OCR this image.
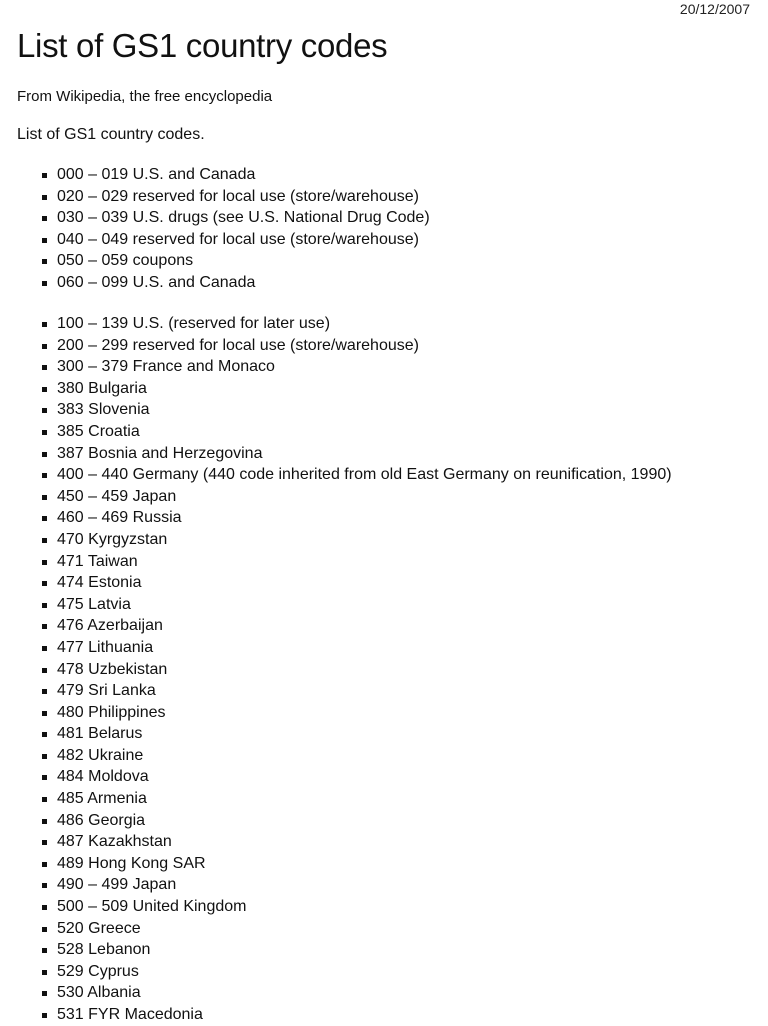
20/12/2007

List of GS1 country codes

From Wikipedia, the free encyclopedia

List of GS1 country codes.

000 – 019 U.S. and Canada
020 – 029 reserved for local use (store/warehouse)
030 – 039 U.S. drugs (see U.S. National Drug Code)
040 – 049 reserved for local use (store/warehouse)
050 – 059 coupons
060 – 099 U.S. and Canada
100 – 139 U.S. (reserved for later use)
200 – 299 reserved for local use (store/warehouse)
300 – 379 France and Monaco
380 Bulgaria
383 Slovenia
385 Croatia
387 Bosnia and Herzegovina
400 – 440 Germany (440 code inherited from old East Germany on reunification, 1990)
450 – 459 Japan
460 – 469 Russia
470 Kyrgyzstan
471 Taiwan
474 Estonia
475 Latvia
476 Azerbaijan
477 Lithuania
478 Uzbekistan
479 Sri Lanka
480 Philippines
481 Belarus
482 Ukraine
484 Moldova
485 Armenia
486 Georgia
487 Kazakhstan
489 Hong Kong SAR
490 – 499 Japan
500 – 509 United Kingdom
520 Greece
528 Lebanon
529 Cyprus
530 Albania
531 FYR Macedonia
